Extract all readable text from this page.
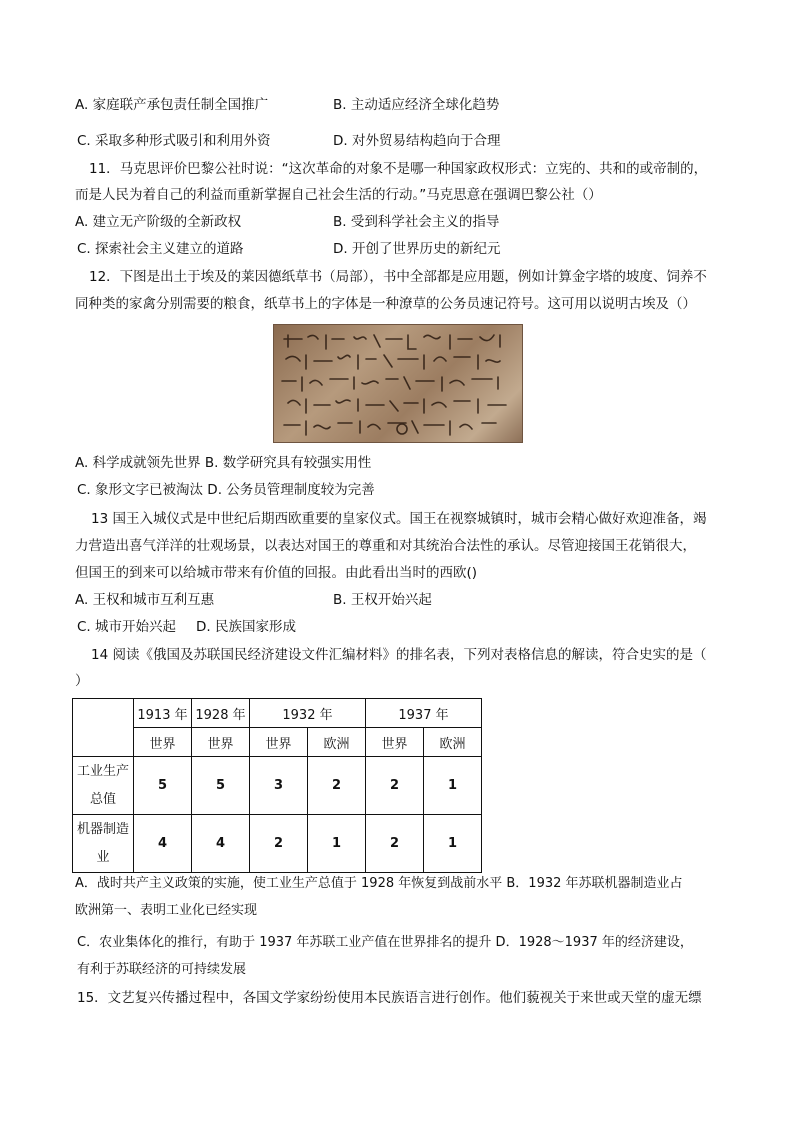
A. 家庭联产承包责任制全国推广	B. 主动适应经济全球化趋势
C. 采取多种形式吸引和利用外资	D. 对外贸易结构趋向于合理
11．马克思评价巴黎公社时说：“这次革命的对象不是哪一种国家政权形式：立宪的、共和的或帝制的，
而是人民为着自己的利益而重新掌握自己社会生活的行动。”马克思意在强调巴黎公社（）
A. 建立无产阶级的全新政权	B. 受到科学社会主义的指导
C. 探索社会主义建立的道路	D. 开创了世界历史的新纪元
12．下图是出土于埃及的莱因德纸草书（局部），书中全部都是应用题，例如计算金字塔的坡度、饲养不
同种类的家禽分别需要的粮食，纸草书上的字体是一种潦草的公务员速记符号。这可用以说明古埃及（）
A. 科学成就领先世界 B. 数学研究具有较强实用性
C. 象形文字已被淘汰 D. 公务员管理制度较为完善
13 国王入城仪式是中世纪后期西欧重要的皇家仪式。国王在视察城镇时，城市会精心做好欢迎准备，竭
力营造出喜气洋洋的壮观场景，以表达对国王的尊重和对其统治合法性的承认。尽管迎接国王花销很大，
但国王的到来可以给城市带来有价值的回报。由此看出当时的西欧()
A. 王权和城市互利互惠	B. 王权开始兴起
C. 城市开始兴起 D. 民族国家形成
14 阅读《俄国及苏联国民经济建设文件汇编材料》的排名表，下列对表格信息的解读，符合史实的是（
）
	1913 年	1928 年	1932 年		1937 年	
	世界	世界	世界	欧洲	世界	欧洲

工业生产
总值	5	5	3	2	2	1

机器制造
业	4	4	2	1	2	1
A．战时共产主义政策的实施，使工业生产总值于 1928 年恢复到战前水平 B．1932 年苏联机器制造业占
欧洲第一、表明工业化已经实现
C．农业集体化的推行，有助于 1937 年苏联工业产值在世界排名的提升 D．1928～1937 年的经济建设，
有利于苏联经济的可持续发展
15．文艺复兴传播过程中，各国文学家纷纷使用本民族语言进行创作。他们藐视关于来世或天堂的虚无缥
